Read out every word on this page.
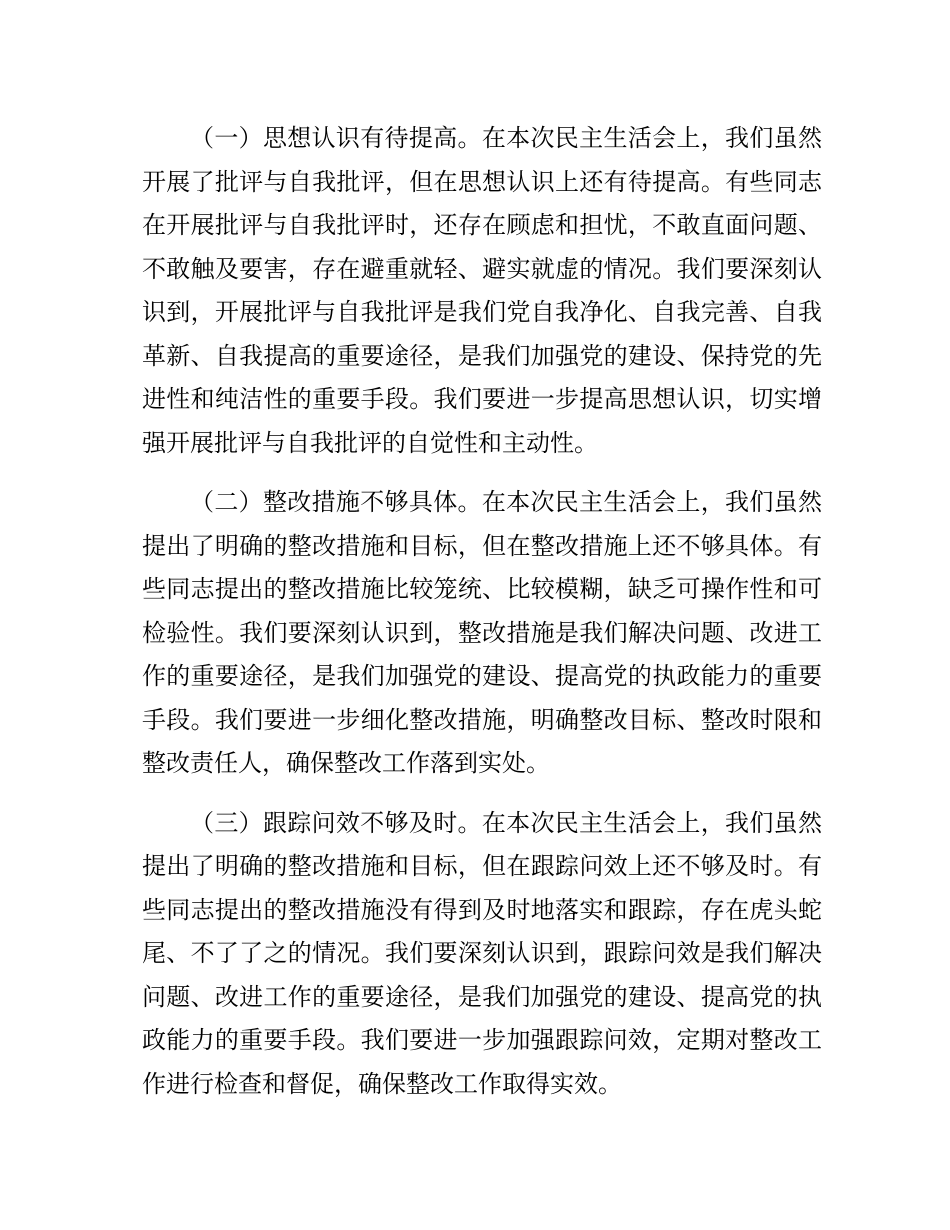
（一）思想认识有待提高。在本次民主生活会上，我们虽然开展了批评与自我批评，但在思想认识上还有待提高。有些同志在开展批评与自我批评时，还存在顾虑和担忧，不敢直面问题、不敢触及要害，存在避重就轻、避实就虚的情况。我们要深刻认识到，开展批评与自我批评是我们党自我净化、自我完善、自我革新、自我提高的重要途径，是我们加强党的建设、保持党的先进性和纯洁性的重要手段。我们要进一步提高思想认识，切实增强开展批评与自我批评的自觉性和主动性。

（二）整改措施不够具体。在本次民主生活会上，我们虽然提出了明确的整改措施和目标，但在整改措施上还不够具体。有些同志提出的整改措施比较笼统、比较模糊，缺乏可操作性和可检验性。我们要深刻认识到，整改措施是我们解决问题、改进工作的重要途径，是我们加强党的建设、提高党的执政能力的重要手段。我们要进一步细化整改措施，明确整改目标、整改时限和整改责任人，确保整改工作落到实处。

（三）跟踪问效不够及时。在本次民主生活会上，我们虽然提出了明确的整改措施和目标，但在跟踪问效上还不够及时。有些同志提出的整改措施没有得到及时地落实和跟踪，存在虎头蛇尾、不了了之的情况。我们要深刻认识到，跟踪问效是我们解决问题、改进工作的重要途径，是我们加强党的建设、提高党的执政能力的重要手段。我们要进一步加强跟踪问效，定期对整改工作进行检查和督促，确保整改工作取得实效。
